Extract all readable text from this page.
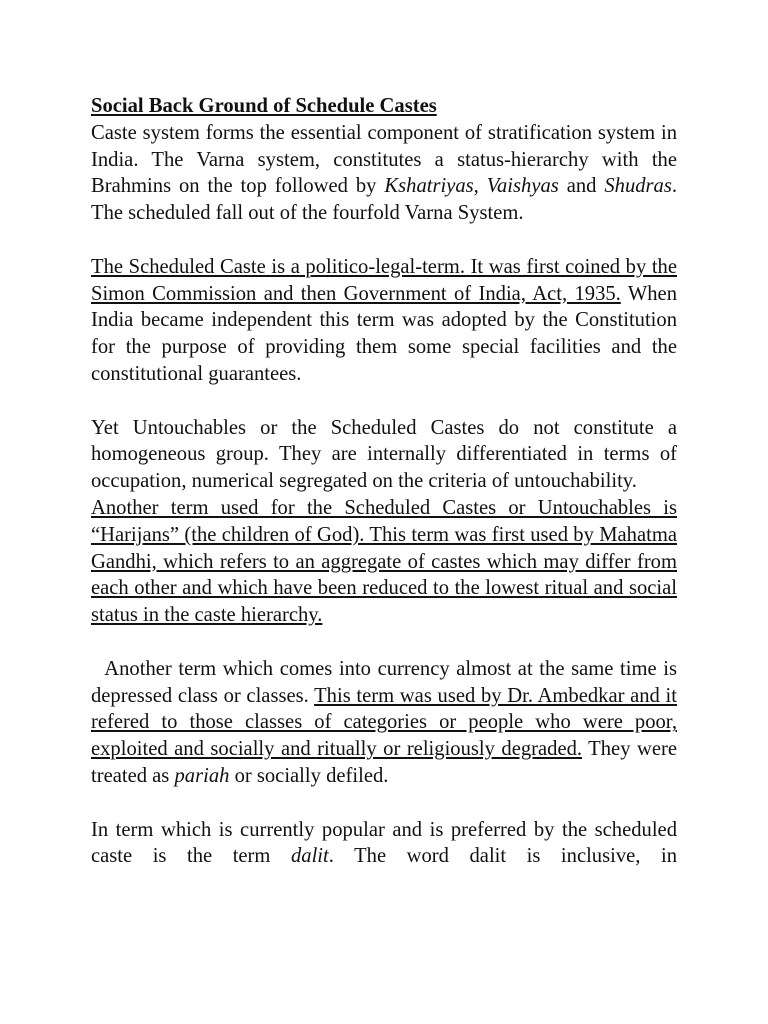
Social Back Ground of Schedule Castes

Caste system forms the essential component of stratification system in India. The Varna system, constitutes a status-hierarchy with the Brahmins on the top followed by Kshatriyas, Vaishyas and Shudras. The scheduled fall out of the fourfold Varna System.

The Scheduled Caste is a politico-legal-term. It was first coined by the Simon Commission and then Government of India, Act, 1935. When India became independent this term was adopted by the Constitution for the purpose of providing them some special facilities and the constitutional guarantees.

Yet Untouchables or the Scheduled Castes do not constitute a homogeneous group. They are internally differentiated in terms of occupation, numerical segregated on the criteria of untouchability.

Another term used for the Scheduled Castes or Untouchables is “Harijans” (the children of God). This term was first used by Mahatma Gandhi, which refers to an aggregate of castes which may differ from each other and which have been reduced to the lowest ritual and social status in the caste hierarchy.

Another term which comes into currency almost at the same time is depressed class or classes. This term was used by Dr. Ambedkar and it refered to those classes of categories or people who were poor, exploited and socially and ritually or religiously degraded. They were treated as pariah or socially defiled.

In term which is currently popular and is preferred by the scheduled caste is the term dalit. The word dalit is inclusive, in
